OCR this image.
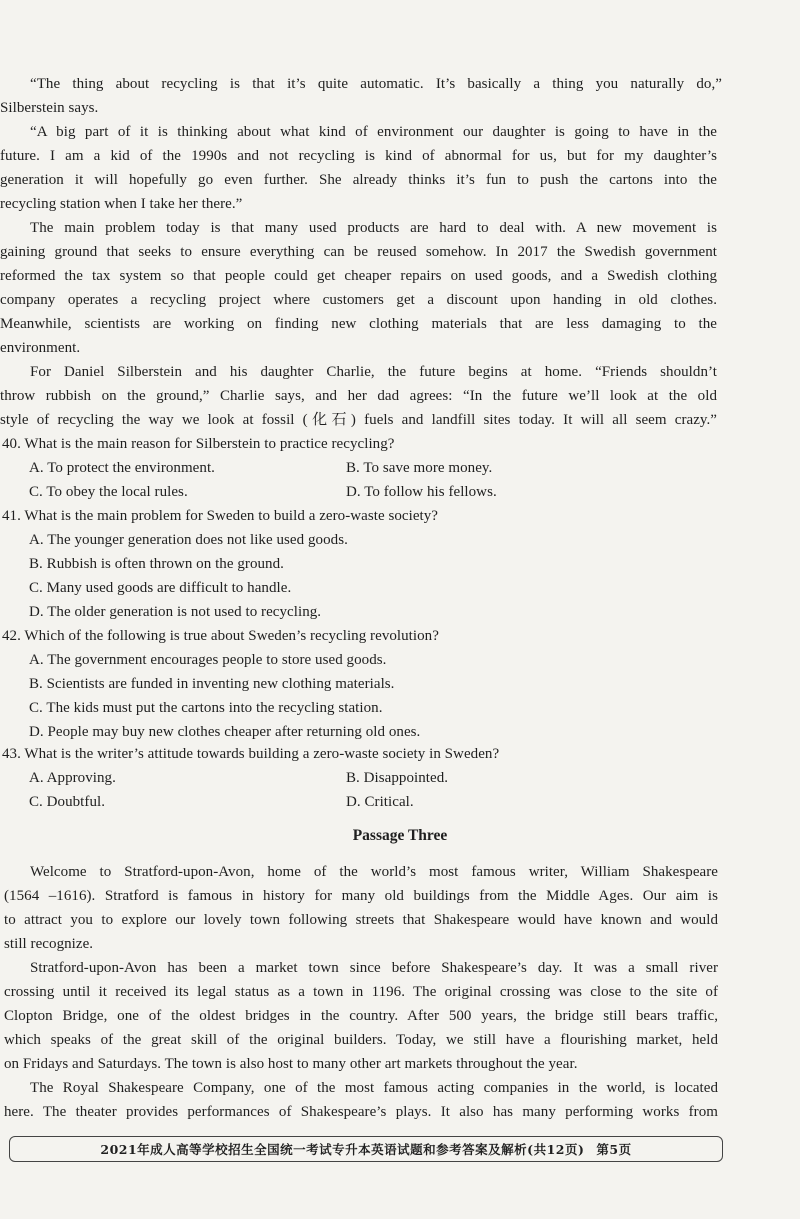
“The thing about recycling is that it’s quite automatic. It’s basically a thing you naturally do,”
Silberstein says.
“A big part of it is thinking about what kind of environment our daughter is going to have in the
future. I am a kid of the 1990s and not recycling is kind of abnormal for us, but for my daughter’s
generation it will hopefully go even further. She already thinks it’s fun to push the cartons into the
recycling station when I take her there.”
The main problem today is that many used products are hard to deal with. A new movement is
gaining ground that seeks to ensure everything can be reused somehow. In 2017 the Swedish government
reformed the tax system so that people could get cheaper repairs on used goods, and a Swedish clothing
company operates a recycling project where customers get a discount upon handing in old clothes.
Meanwhile, scientists are working on finding new clothing materials that are less damaging to the
environment.
For Daniel Silberstein and his daughter Charlie, the future begins at home. “Friends shouldn’t
throw rubbish on the ground,” Charlie says, and her dad agrees: “In the future we’ll look at the old
style of recycling the way we look at fossil (化石) fuels and landfill sites today. It will all seem crazy.”
40. What is the main reason for Silberstein to practice recycling?
A. To protect the environment.	B. To save more money.
C. To obey the local rules.	D. To follow his fellows.
41. What is the main problem for Sweden to build a zero-waste society?
A. The younger generation does not like used goods.
B. Rubbish is often thrown on the ground.
C. Many used goods are difficult to handle.
D. The older generation is not used to recycling.
42. Which of the following is true about Sweden’s recycling revolution?
A. The government encourages people to store used goods.
B. Scientists are funded in inventing new clothing materials.
C. The kids must put the cartons into the recycling station.
D. People may buy new clothes cheaper after returning old ones.
43. What is the writer’s attitude towards building a zero-waste society in Sweden?
A. Approving.	B. Disappointed.
C. Doubtful.	D. Critical.
Passage Three
Welcome to Stratford-upon-Avon, home of the world’s most famous writer, William Shakespeare
(1564 –1616). Stratford is famous in history for many old buildings from the Middle Ages. Our aim is
to attract you to explore our lovely town following streets that Shakespeare would have known and would
still recognize.
Stratford-upon-Avon has been a market town since before Shakespeare’s day. It was a small river
crossing until it received its legal status as a town in 1196. The original crossing was close to the site of
Clopton Bridge, one of the oldest bridges in the country. After 500 years, the bridge still bears traffic,
which speaks of the great skill of the original builders. Today, we still have a flourishing market, held
on Fridays and Saturdays. The town is also host to many other art markets throughout the year.
The Royal Shakespeare Company, one of the most famous acting companies in the world, is located
here. The theater provides performances of Shakespeare’s plays. It also has many performing works from
2021年成人高等学校招生全国统一考试专升本英语试题和参考答案及解析(共12页) 第5页
